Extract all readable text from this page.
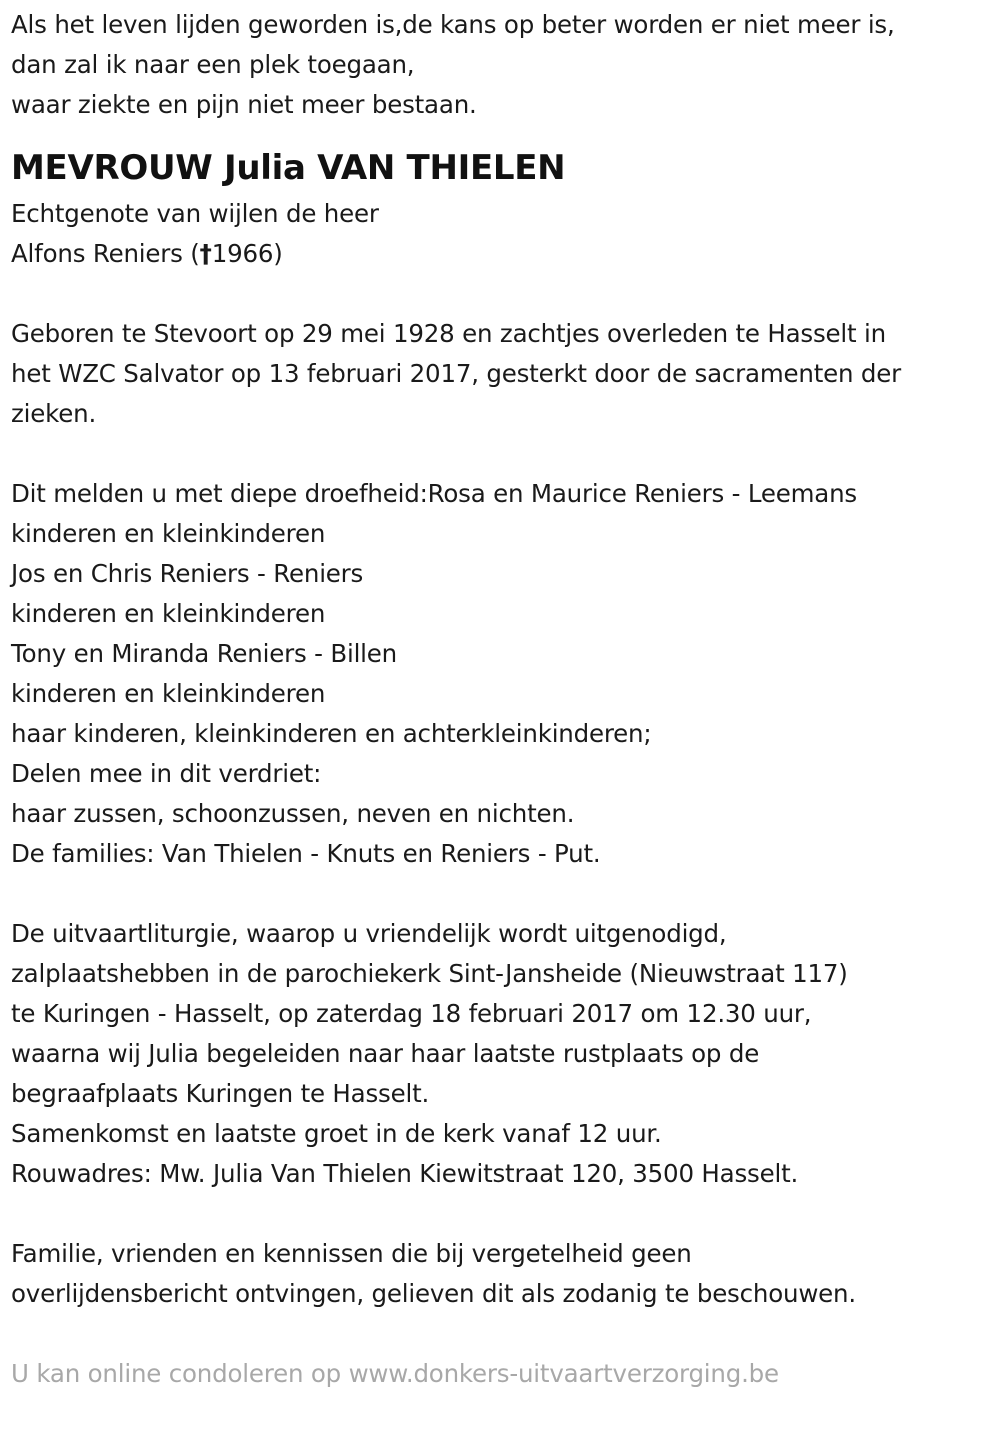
Als het leven lijden geworden is,de kans op beter worden er niet meer is,
dan zal ik naar een plek toegaan,
waar ziekte en pijn niet meer bestaan.
MEVROUW Julia VAN THIELEN
Echtgenote van wijlen de heer
Alfons Reniers (†1966)
Geboren te Stevoort op 29 mei 1928 en zachtjes overleden te Hasselt in
het WZC Salvator op 13 februari 2017, gesterkt door de sacramenten der
zieken.
Dit melden u met diepe droefheid:Rosa en Maurice Reniers - Leemans
kinderen en kleinkinderen
Jos en Chris Reniers - Reniers
kinderen en kleinkinderen
Tony en Miranda Reniers - Billen
kinderen en kleinkinderen
haar kinderen, kleinkinderen en achterkleinkinderen;
Delen mee in dit verdriet:
haar zussen, schoonzussen, neven en nichten.
De families: Van Thielen - Knuts en Reniers - Put.
De uitvaartliturgie, waarop u vriendelijk wordt uitgenodigd,
zalplaatshebben in de parochiekerk Sint-Jansheide (Nieuwstraat 117)
te Kuringen - Hasselt, op zaterdag 18 februari 2017 om 12.30 uur,
waarna wij Julia begeleiden naar haar laatste rustplaats op de
begraafplaats Kuringen te Hasselt.
Samenkomst en laatste groet in de kerk vanaf 12 uur.
Rouwadres: Mw. Julia Van Thielen Kiewitstraat 120, 3500 Hasselt.
Familie, vrienden en kennissen die bij vergetelheid geen
overlijdensbericht ontvingen, gelieven dit als zodanig te beschouwen.
U kan online condoleren op www.donkers-uitvaartverzorging.be
